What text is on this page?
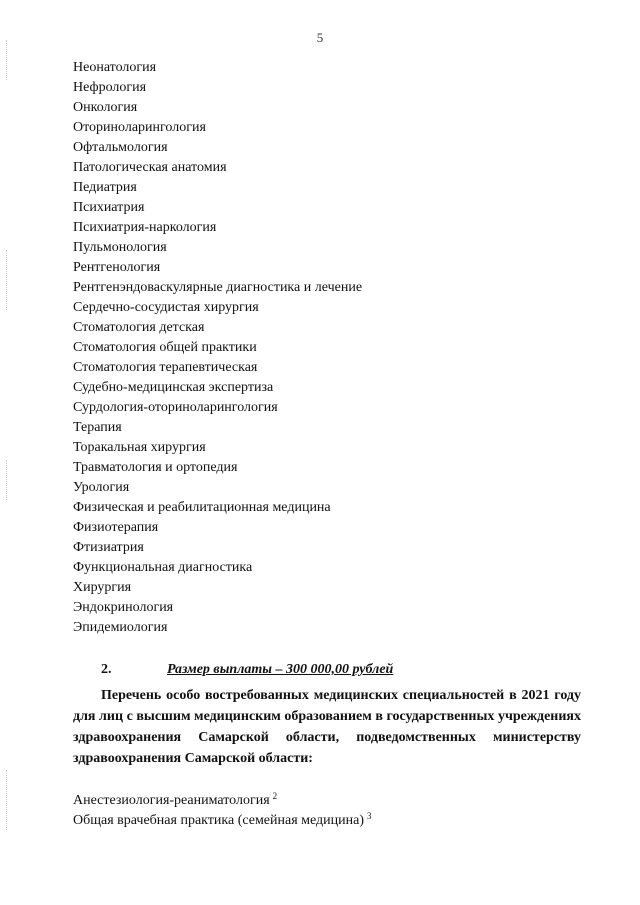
5
Неонатология
Нефрология
Онкология
Оториноларингология
Офтальмология
Патологическая анатомия
Педиатрия
Психиатрия
Психиатрия-наркология
Пульмонология
Рентгенология
Рентгенэндоваскулярные диагностика и лечение
Сердечно-сосудистая хирургия
Стоматология детская
Стоматология общей практики
Стоматология терапевтическая
Судебно-медицинская экспертиза
Сурдология-оториноларингология
Терапия
Торакальная хирургия
Травматология и ортопедия
Урология
Физическая и реабилитационная медицина
Физиотерапия
Фтизиатрия
Функциональная диагностика
Хирургия
Эндокринология
Эпидемиология
2.	Размер выплаты – 300 000,00 рублей

Перечень особо востребованных медицинских специальностей в 2021 году для лиц с высшим медицинским образованием в государственных учреждениях здравоохранения Самарской области, подведомственных министерству здравоохранения Самарской области:

Анестезиология-реаниматология $^2$
Общая врачебная практика (семейная медицина) $^3$
